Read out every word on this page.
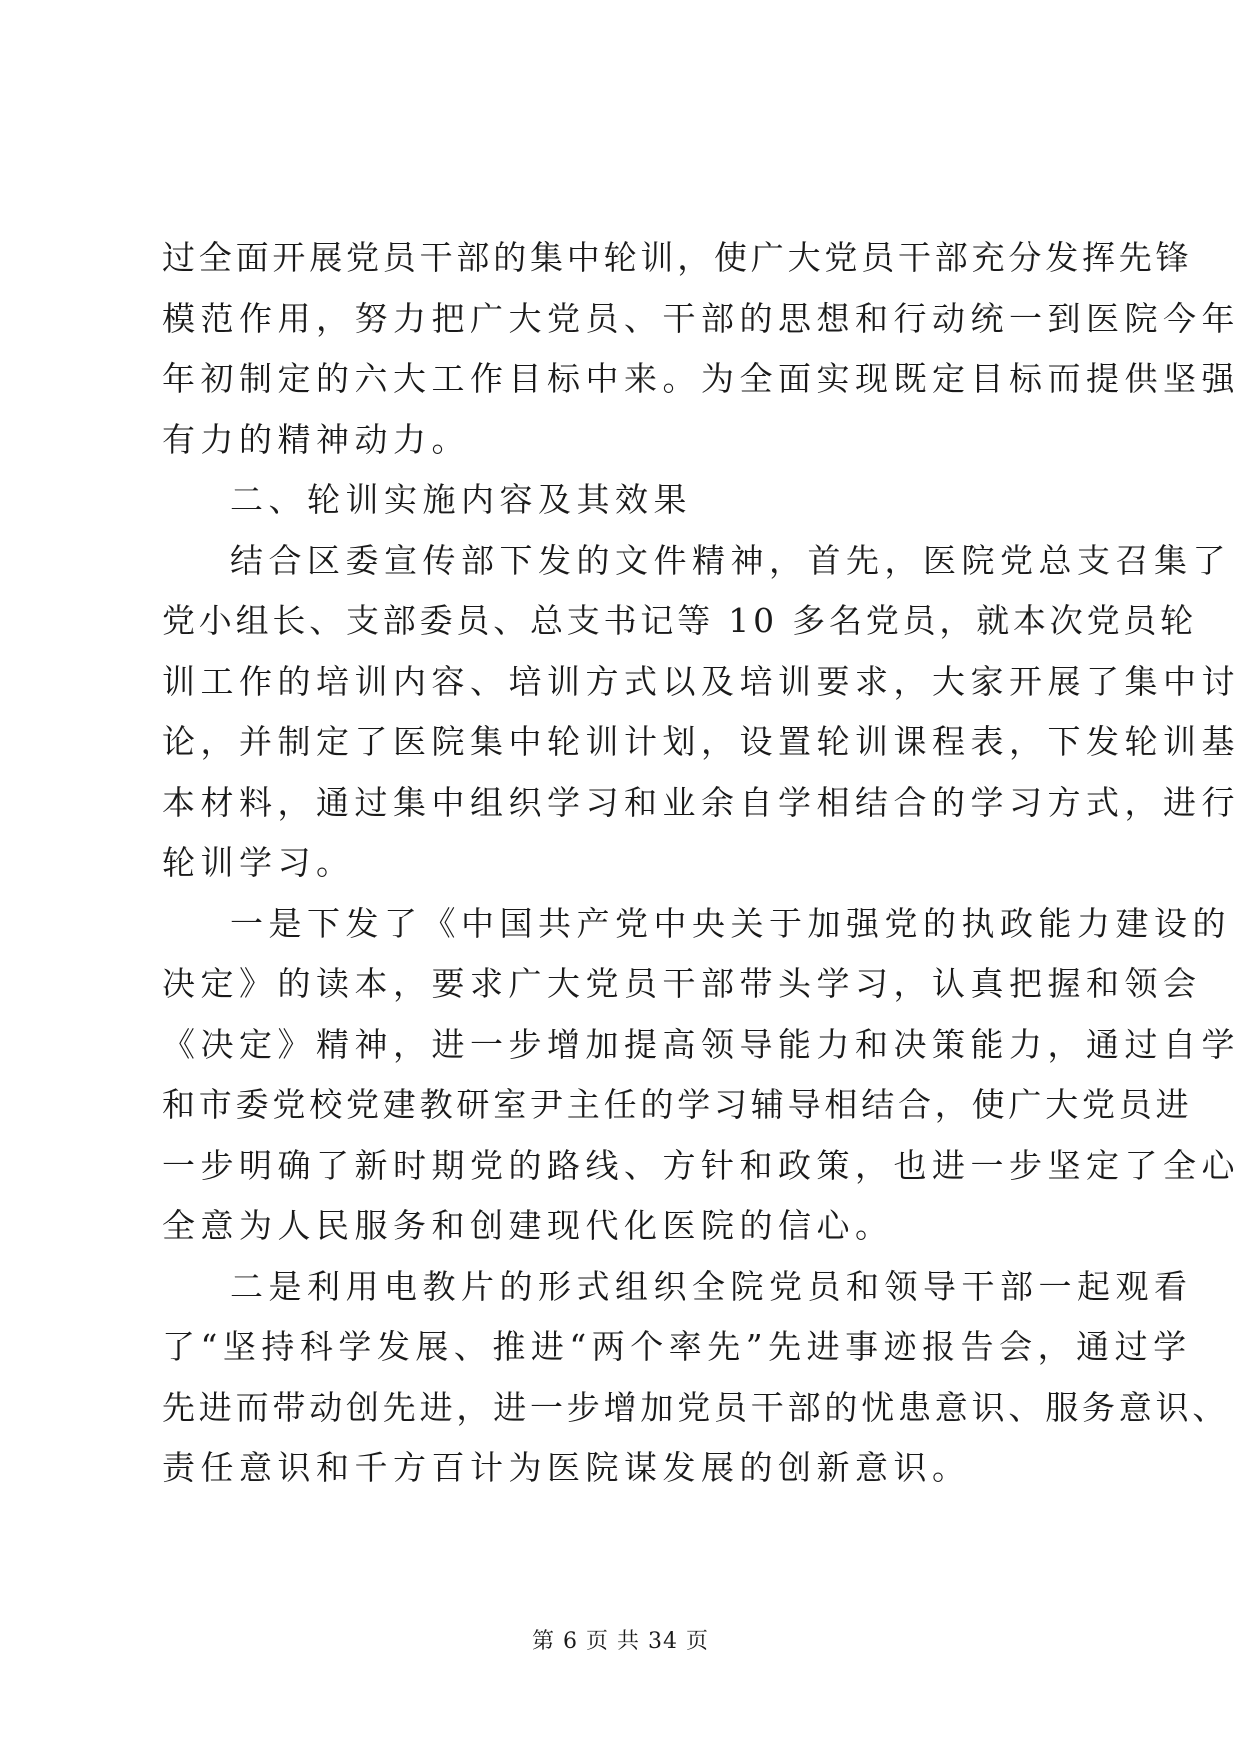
过全面开展党员干部的集中轮训，使广大党员干部充分发挥先锋
模范作用，努力把广大党员、干部的思想和行动统一到医院今年
年初制定的六大工作目标中来。为全面实现既定目标而提供坚强
有力的精神动力。
二、轮训实施内容及其效果
结合区委宣传部下发的文件精神，首先，医院党总支召集了
党小组长、支部委员、总支书记等 10 多名党员，就本次党员轮
训工作的培训内容、培训方式以及培训要求，大家开展了集中讨
论，并制定了医院集中轮训计划，设置轮训课程表，下发轮训基
本材料，通过集中组织学习和业余自学相结合的学习方式，进行
轮训学习。
一是下发了《中国共产党中央关于加强党的执政能力建设的
决定》的读本，要求广大党员干部带头学习，认真把握和领会
《决定》精神，进一步增加提高领导能力和决策能力，通过自学
和市委党校党建教研室尹主任的学习辅导相结合，使广大党员进
一步明确了新时期党的路线、方针和政策，也进一步坚定了全心
全意为人民服务和创建现代化医院的信心。
二是利用电教片的形式组织全院党员和领导干部一起观看
了“坚持科学发展、推进“两个率先”先进事迹报告会，通过学
先进而带动创先进，进一步增加党员干部的忧患意识、服务意识、
责任意识和千方百计为医院谋发展的创新意识。
第 6 页 共 34 页
